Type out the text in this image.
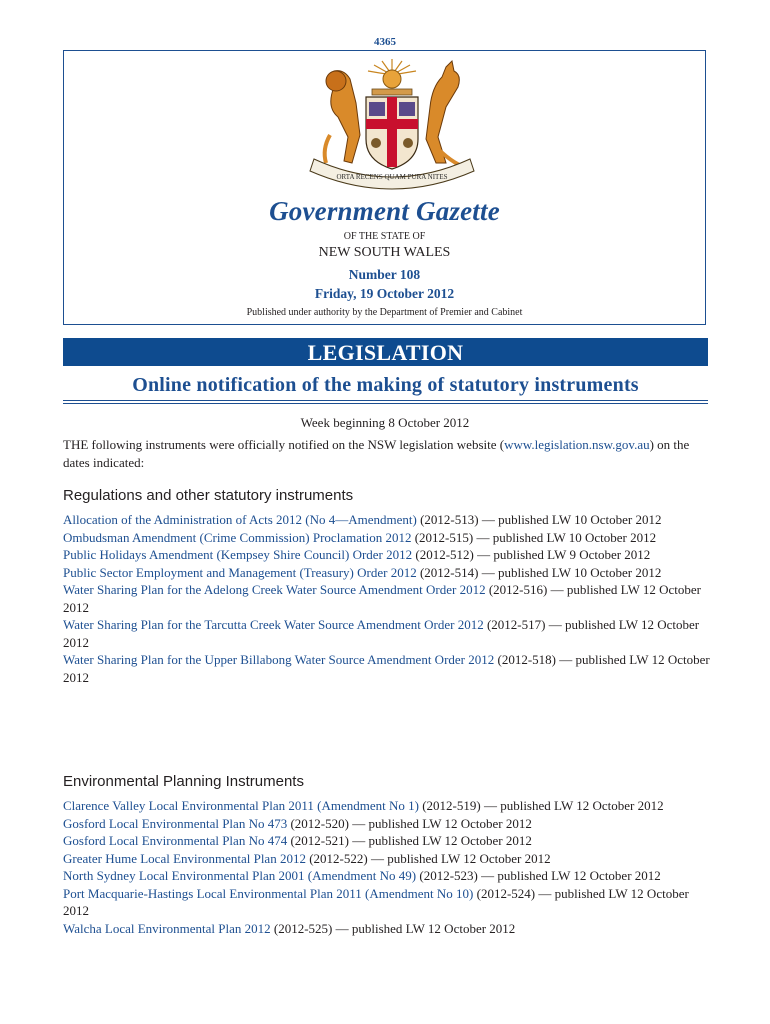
4365
ORTA RECENS QUAM PURA NITES
Government Gazette
OF THE STATE OF
NEW SOUTH WALES
Number 108
Friday, 19 October 2012
Published under authority by the Department of Premier and Cabinet
LEGISLATION
Online notification of the making of statutory instruments
Week beginning 8 October 2012
THE following instruments were officially notified on the NSW legislation website (www.legislation.nsw.gov.au) on the dates indicated:
Regulations and other statutory instruments
Allocation of the Administration of Acts 2012 (No 4—Amendment) (2012-513) — published LW 10 October 2012
Ombudsman Amendment (Crime Commission) Proclamation 2012 (2012-515) — published LW 10 October 2012
Public Holidays Amendment (Kempsey Shire Council) Order 2012 (2012-512) — published LW 9 October 2012
Public Sector Employment and Management (Treasury) Order 2012 (2012-514) — published LW 10 October 2012
Water Sharing Plan for the Adelong Creek Water Source Amendment Order 2012 (2012-516) — published LW 12 October 2012
Water Sharing Plan for the Tarcutta Creek Water Source Amendment Order 2012 (2012-517) — published LW 12 October 2012
Water Sharing Plan for the Upper Billabong Water Source Amendment Order 2012 (2012-518) — published LW 12 October 2012
Environmental Planning Instruments
Clarence Valley Local Environmental Plan 2011 (Amendment No 1) (2012-519) — published LW 12 October 2012
Gosford Local Environmental Plan No 473 (2012-520) — published LW 12 October 2012
Gosford Local Environmental Plan No 474 (2012-521) — published LW 12 October 2012
Greater Hume Local Environmental Plan 2012 (2012-522) — published LW 12 October 2012
North Sydney Local Environmental Plan 2001 (Amendment No 49) (2012-523) — published LW 12 October 2012
Port Macquarie-Hastings Local Environmental Plan 2011 (Amendment No 10) (2012-524) — published LW 12 October 2012
Walcha Local Environmental Plan 2012 (2012-525) — published LW 12 October 2012
